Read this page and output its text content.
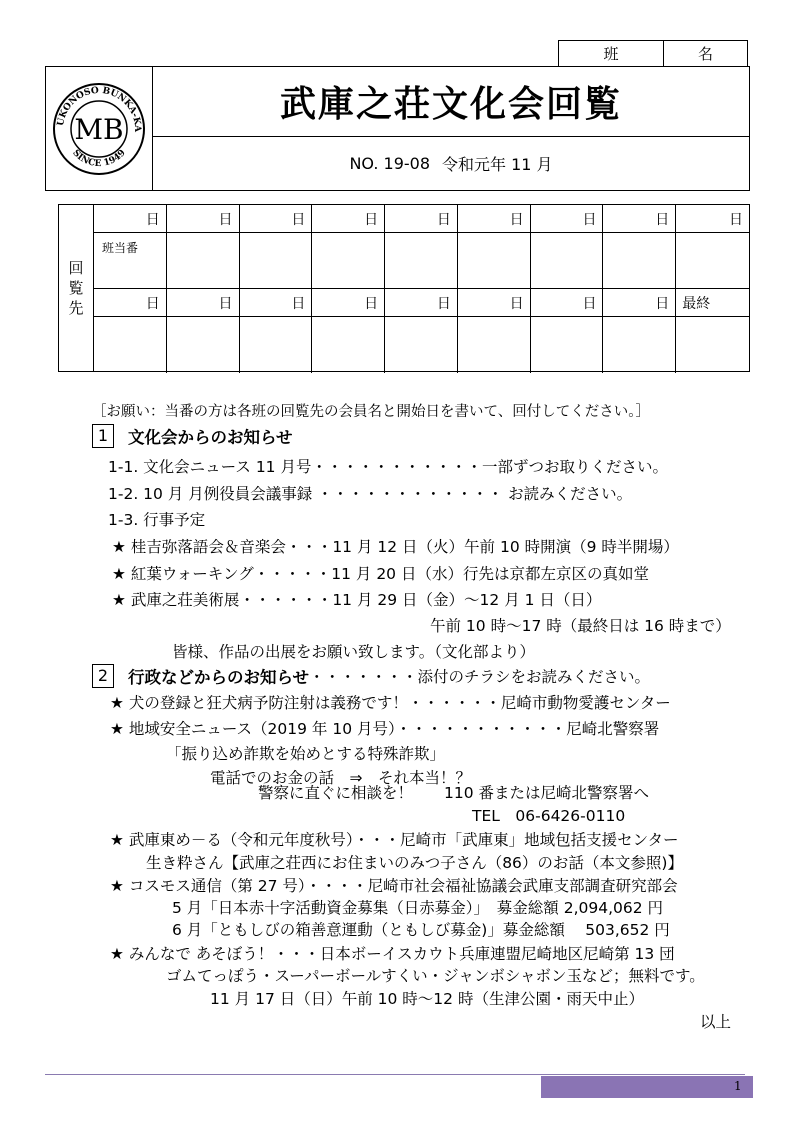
班	名
UKONOSO BUNKA-KA
SINCE 1949
MB
武庫之荘文化会回覧
NO. 19-08 令和元年 11 月
回
覧
先
日	日	日	日	日	日	日	日	日
班当番
日	日	日	日	日	日	日	日 最終
［お願い：当番の方は各班の回覧先の会員名と開始日を書いて、回付してください。］
1 文化会からのお知らせ
1-1. 文化会ニュース 11 月号・・・・・・・・・・・一部ずつお取りください。
1-2. 10 月 月例役員会議事録 ・・・・・・・・・・・・ お読みください。
1-3. 行事予定
★ 桂吉弥落語会＆音楽会・・・11 月 12 日（火）午前 10 時開演（9 時半開場）
★ 紅葉ウォーキング・・・・・11 月 20 日（水）行先は京都左京区の真如堂
★ 武庫之荘美術展・・・・・・11 月 29 日（金）～12 月 1 日（日）
午前 10 時～17 時（最終日は 16 時まで）
皆様、作品の出展をお願い致します。（文化部より）
2 行政などからのお知らせ・・・・・・・添付のチラシをお読みください。
★ 犬の登録と狂犬病予防注射は義務です！・・・・・・尼崎市動物愛護センター
★ 地域安全ニュース（2019 年 10 月号）・・・・・・・・・・・尼崎北警察署
「振り込め詐欺を始めとする特殊詐欺」
電話でのお金の話　⇒　それ本当！？
警察に直ぐに相談を！　　110 番または尼崎北警察署へ
TEL　06-6426-0110
★ 武庫東め－る（令和元年度秋号）・・・尼崎市「武庫東」地域包括支援センター
生き粋さん【武庫之荘西にお住まいのみつ子さん（86）のお話（本文参照)】
★ コスモス通信（第 27 号）・・・・尼崎市社会福祉協議会武庫支部調査研究部会
5 月「日本赤十字活動資金募集（日赤募金）」　募金総額 2,094,062 円
6 月「ともしびの箱善意運動（ともしび募金)」募金総額　 503,652 円
★ みんなで あそぼう！・・・日本ボーイスカウト兵庫連盟尼崎地区尼崎第 13 団
ゴムてっぽう・スーパーボールすくい・ジャンボシャボン玉など；無料です。
11 月 17 日（日）午前 10 時～12 時（生津公園・雨天中止）
以上
1
